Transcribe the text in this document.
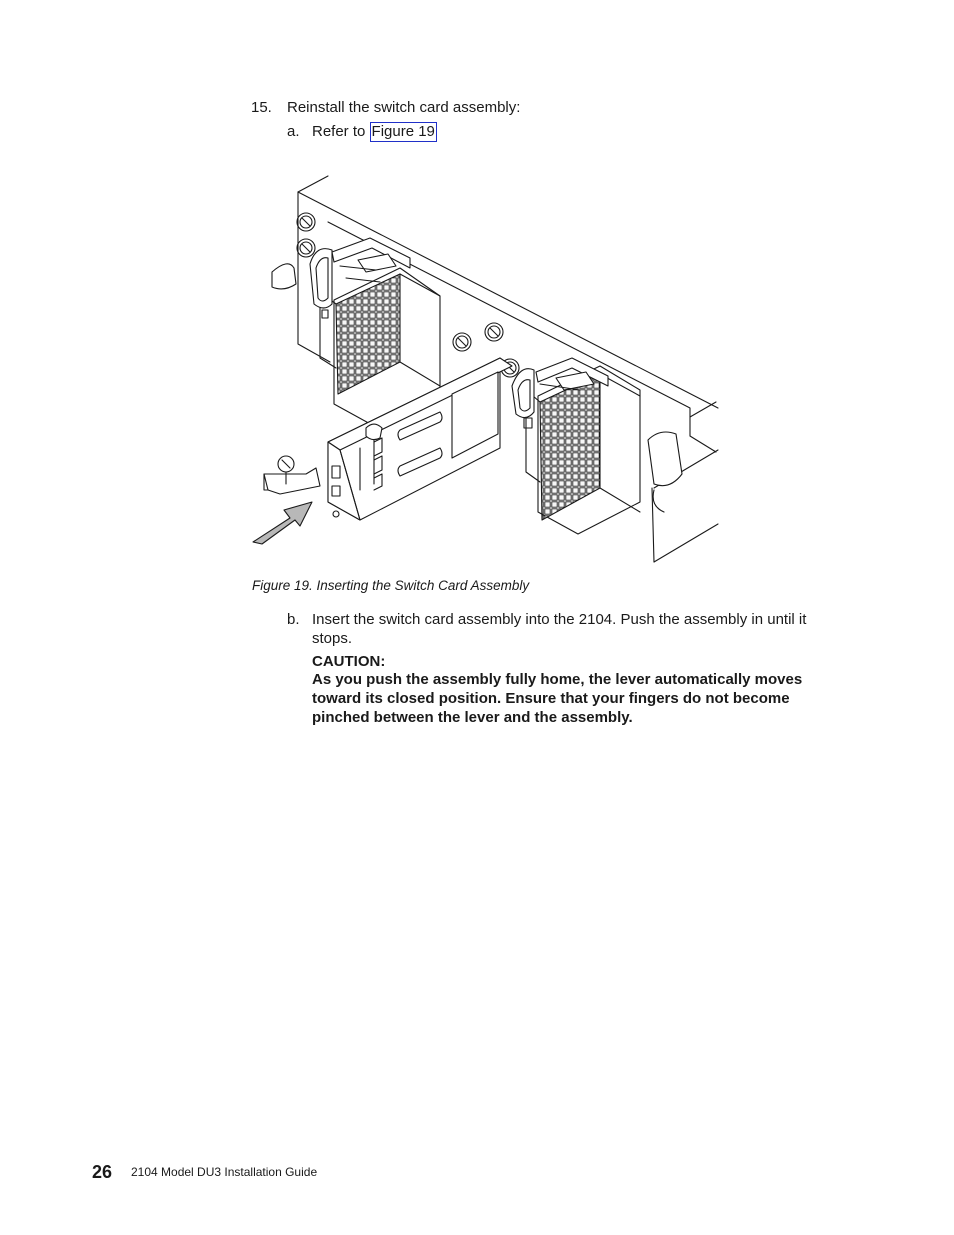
15. Reinstall the switch card assembly:
a. Refer to Figure 19
Figure 19. Inserting the Switch Card Assembly
b. Insert the switch card assembly into the 2104. Push the assembly in until it stops.
CAUTION:
As you push the assembly fully home, the lever automatically moves toward its closed position. Ensure that your fingers do not become pinched between the lever and the assembly.
26 2104 Model DU3 Installation Guide
